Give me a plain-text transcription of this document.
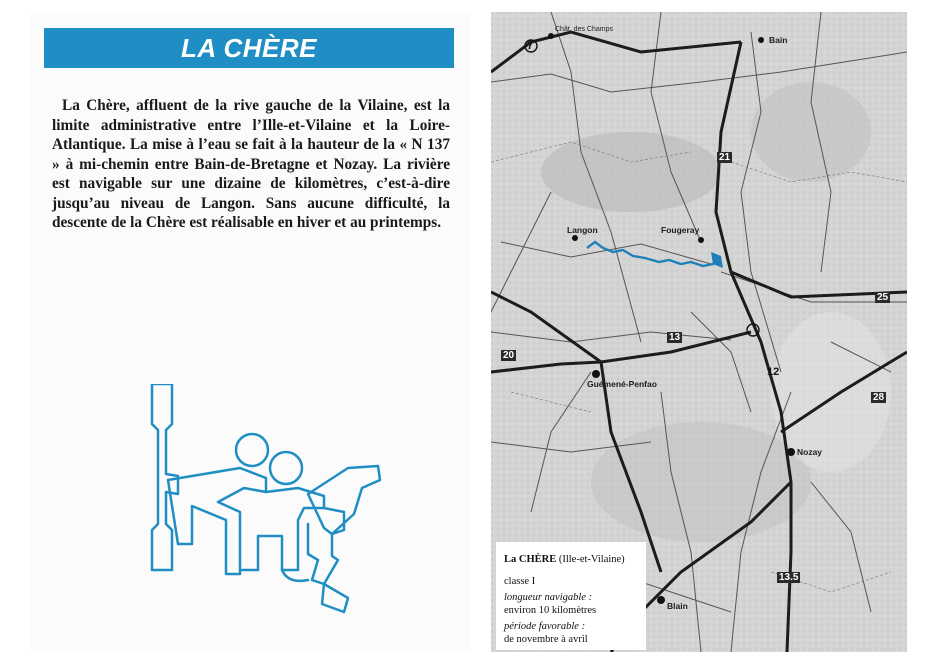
LA CHÈRE

La Chère, affluent de la rive gauche de la Vilaine, est la limite administrative entre l’Ille-et-Vilaine et la Loire-Atlantique. La mise à l’eau se fait à la hauteur de la « N 137 » à mi-chemin entre Bain-de-Bretagne et Nozay. La rivière est navigable sur une dizaine de kilomètres, c’est-à-dire jusqu’au niveau de Langon. Sans aucune difficulté, la descente de la Chère est réalisable en hiver et au printemps.	Langon	Fougeray
Guémené-Penfao
Nozay
Blain
Bain
Chât. des Champs
7
21
13
20
25
12
28
13.5
La CHÈRE (Ille-et-Vilaine)
classe I
longueur navigable :
environ 10 kilomètres
période favorable :
de novembre à avril
